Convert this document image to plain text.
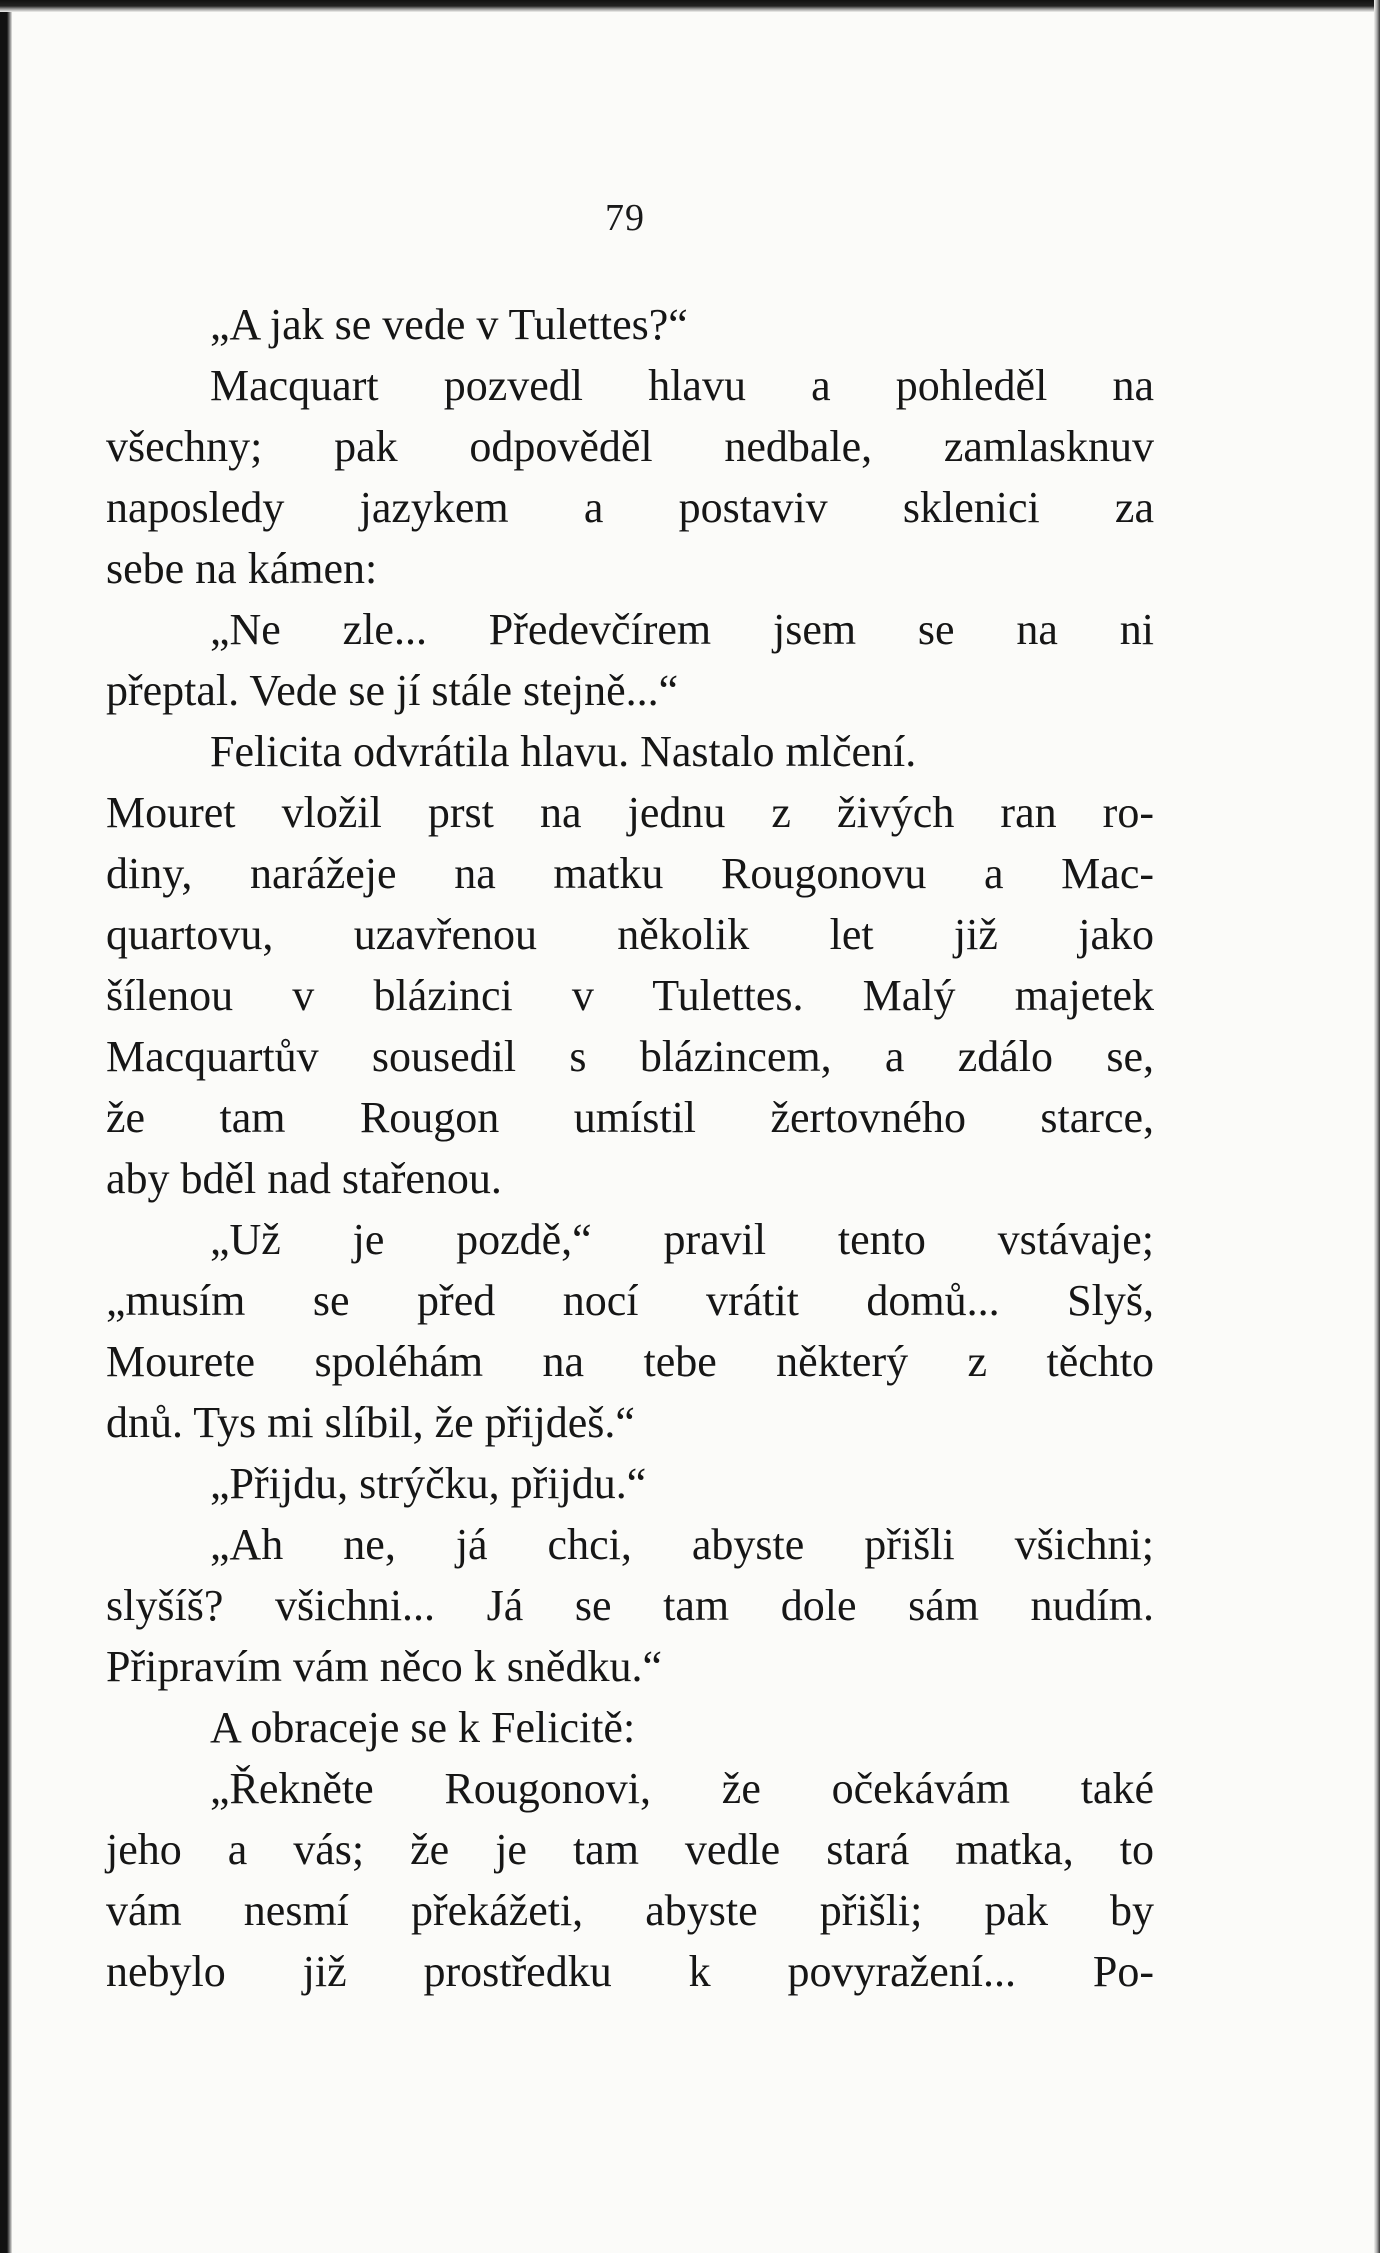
79
„A jak se vede v Tulettes?“
Macquart pozvedl hlavu a pohleděl na
všechny; pak odpověděl nedbale, zamlasknuv
naposledy jazykem a postaviv sklenici za
sebe na kámen:
„Ne zle... Předevčírem jsem se na ni
přeptal. Vede se jí stále stejně...“
Felicita odvrátila hlavu. Nastalo mlčení.
Mouret vložil prst na jednu z živých ran ro-
diny, narážeje na matku Rougonovu a Mac-
quartovu, uzavřenou několik let již jako
šílenou v blázinci v Tulettes. Malý majetek
Macquartův sousedil s blázincem, a zdálo se,
že tam Rougon umístil žertovného starce,
aby bděl nad stařenou.
„Už je pozdě,“ pravil tento vstávaje;
„musím se před nocí vrátit domů... Slyš,
Mourete spoléhám na tebe některý z těchto
dnů. Tys mi slíbil, že přijdeš.“
„Přijdu, strýčku, přijdu.“
„Ah ne, já chci, abyste přišli všichni;
slyšíš? všichni... Já se tam dole sám nudím.
Připravím vám něco k snědku.“
A obraceje se k Felicitě:
„Řekněte Rougonovi, že očekávám také
jeho a vás; že je tam vedle stará matka, to
vám nesmí překážeti, abyste přišli; pak by
nebylo již prostředku k povyražení... Po-
